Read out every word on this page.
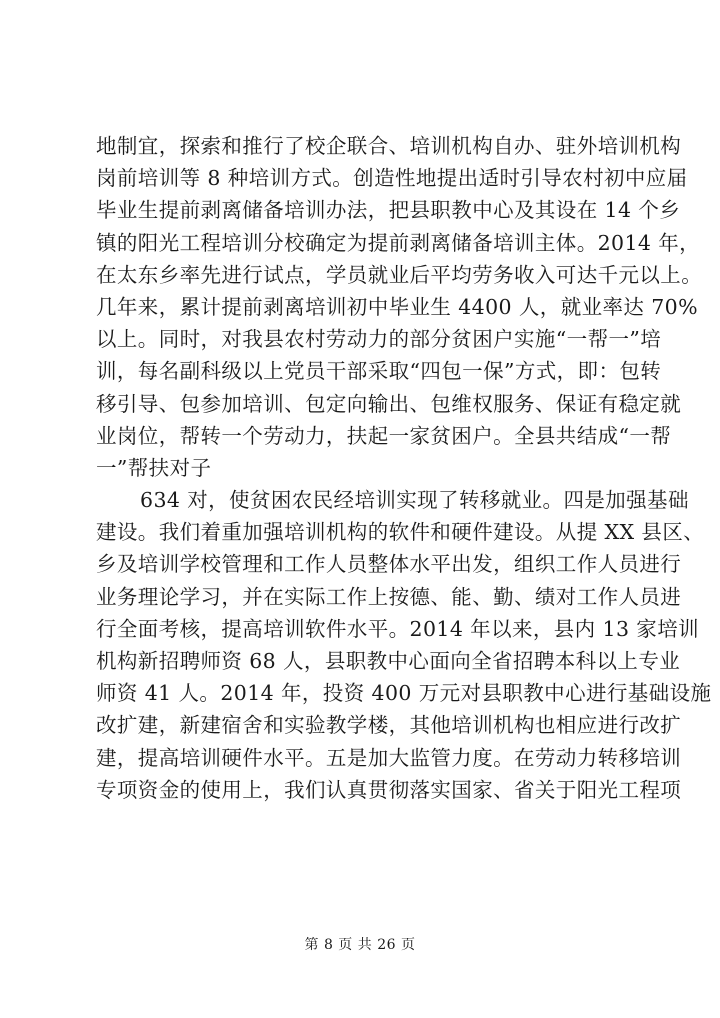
地制宜，探索和推行了校企联合、培训机构自办、驻外培训机构
岗前培训等 8 种培训方式。创造性地提出适时引导农村初中应届
毕业生提前剥离储备培训办法，把县职教中心及其设在 14 个乡
镇的阳光工程培训分校确定为提前剥离储备培训主体。2014 年，
在太东乡率先进行试点，学员就业后平均劳务收入可达千元以上。
几年来，累计提前剥离培训初中毕业生 4400 人，就业率达 70%
以上。同时，对我县农村劳动力的部分贫困户实施“一帮一”培
训，每名副科级以上党员干部采取“四包一保”方式，即：包转
移引导、包参加培训、包定向输出、包维权服务、保证有稳定就
业岗位，帮转一个劳动力，扶起一家贫困户。全县共结成“一帮
一”帮扶对子
634 对，使贫困农民经培训实现了转移就业。四是加强基础
建设。我们着重加强培训机构的软件和硬件建设。从提 XX 县区、
乡及培训学校管理和工作人员整体水平出发，组织工作人员进行
业务理论学习，并在实际工作上按德、能、勤、绩对工作人员进
行全面考核，提高培训软件水平。2014 年以来，县内 13 家培训
机构新招聘师资 68 人，县职教中心面向全省招聘本科以上专业
师资 41 人。2014 年，投资 400 万元对县职教中心进行基础设施
改扩建，新建宿舍和实验教学楼，其他培训机构也相应进行改扩
建，提高培训硬件水平。五是加大监管力度。在劳动力转移培训
专项资金的使用上，我们认真贯彻落实国家、省关于阳光工程项
第 8 页 共 26 页
